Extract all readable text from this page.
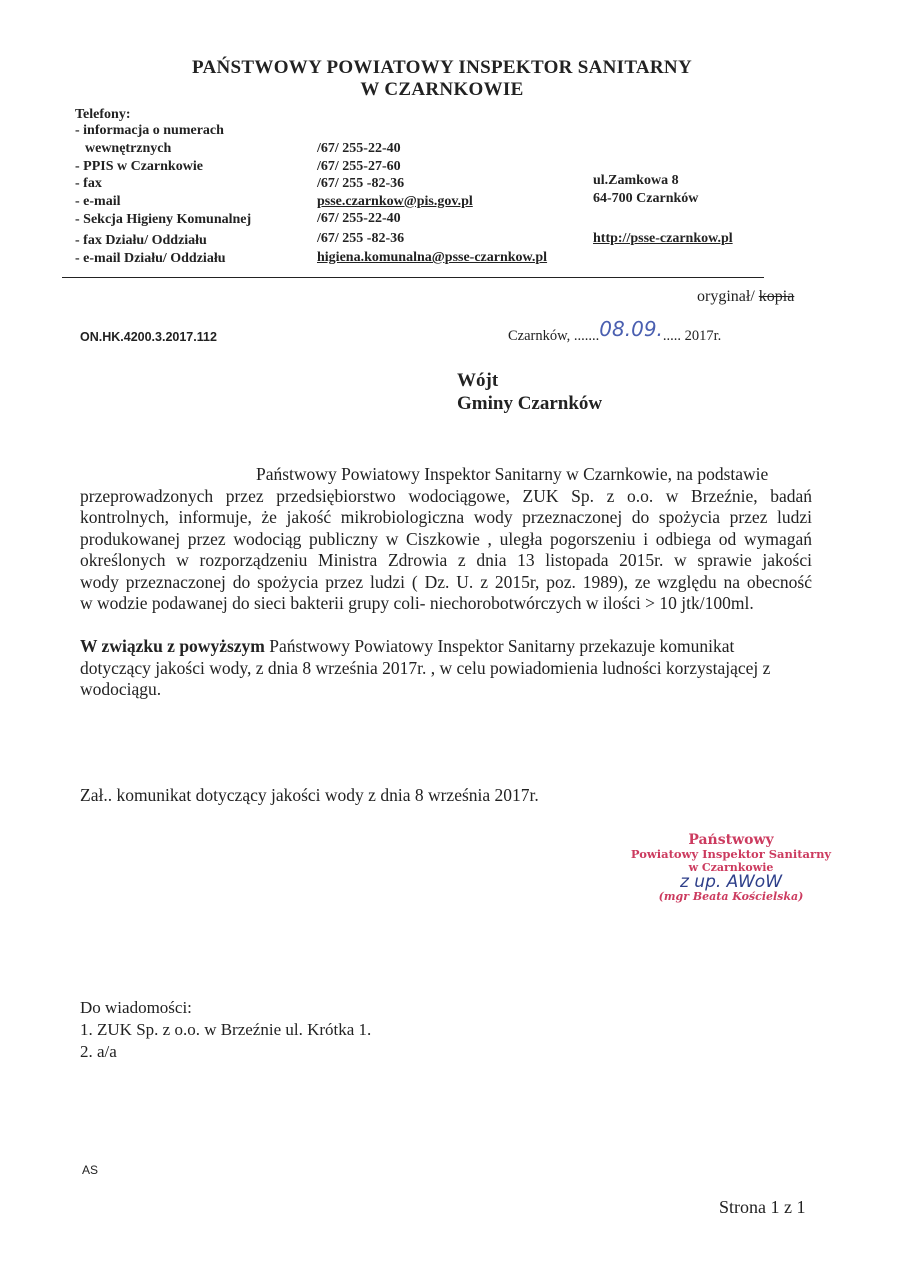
PAŃSTWOWY POWIATOWY INSPEKTOR SANITARNY
W CZARNKOWIE
Telefony:
- informacja o numerach
wewnętrznych	/67/ 255-22-40
- PPIS w Czarnkowie	/67/ 255-27-60
- fax	/67/ 255 -82-36
- e-mail	psse.czarnkow@pis.gov.pl
- Sekcja Higieny Komunalnej	/67/ 255-22-40
- fax Działu/ Oddziału	/67/ 255 -82-36
- e-mail Działu/ Oddziału	higiena.komunalna@psse-czarnkow.pl
ul.Zamkowa 8
64-700 Czarnków
http://psse-czarnkow.pl
oryginał/ kopia
ON.HK.4200.3.2017.112	Czarnków, .......08.09...... 2017r.
Wójt
Gminy Czarnków
Państwowy Powiatowy Inspektor Sanitarny w Czarnkowie, na podstawie
przeprowadzonych przez przedsiębiorstwo wodociągowe, ZUK Sp. z o.o. w Brzeźnie, badań
kontrolnych, informuje, że jakość mikrobiologiczna wody przeznaczonej do spożycia przez ludzi
produkowanej przez wodociąg publiczny w Ciszkowie , uległa pogorszeniu i odbiega od wymagań
określonych w rozporządzeniu Ministra Zdrowia z dnia 13 listopada 2015r. w sprawie jakości
wody przeznaczonej do spożycia przez ludzi ( Dz. U. z 2015r, poz. 1989), ze względu na obecność
w wodzie podawanej do sieci bakterii grupy coli- niechorobotwórczych w ilości > 10 jtk/100ml.
W związku z powyższym Państwowy Powiatowy Inspektor Sanitarny przekazuje komunikat
dotyczący jakości wody, z dnia 8 września 2017r. , w celu powiadomienia ludności korzystającej z
wodociągu.
Zał.. komunikat dotyczący jakości wody z dnia 8 września 2017r.
Państwowy
Powiatowy Inspektor Sanitarny
w Czarnkowie
z up. AWoW
(mgr Beata Kościelska)
Do wiadomości:
1. ZUK Sp. z o.o. w Brzeźnie ul. Krótka 1.
2. a/a
AS
Strona 1 z 1
